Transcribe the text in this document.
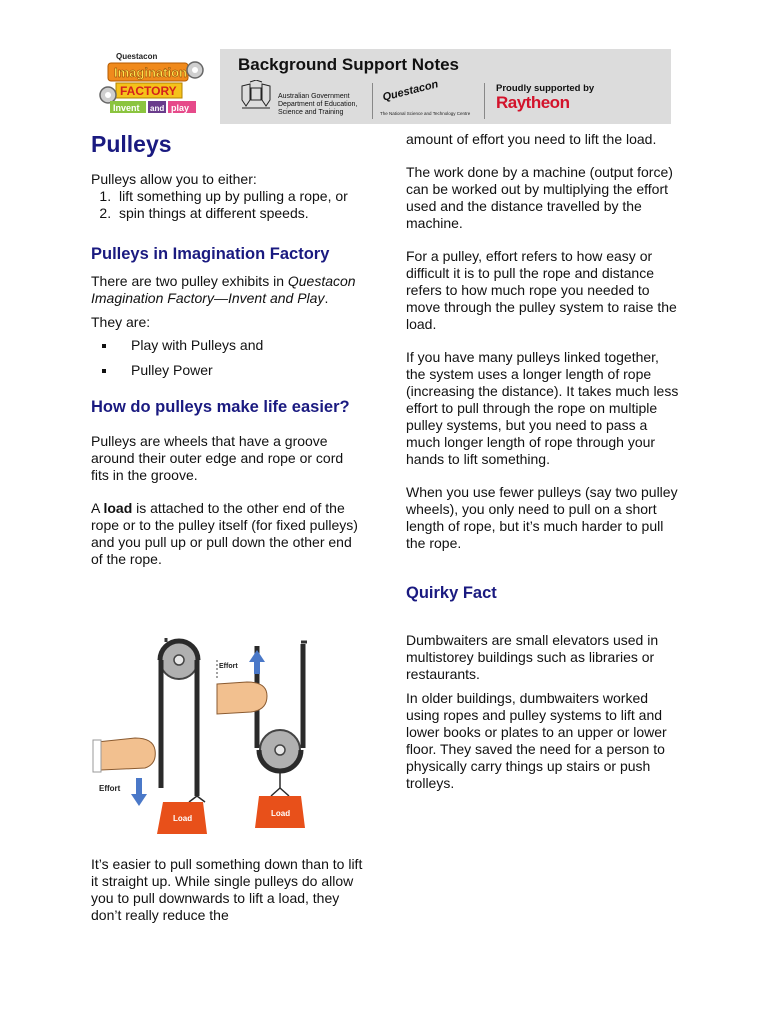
Questacon
Imagination
FACTORY
Invent and play
Background Support Notes
Australian Government
Department of Education,
Science and Training
Questacon
The National Science and Technology Centre
Proudly supported by
Raytheon
Pulleys

Pulleys allow you to either:

1. lift something up by pulling a rope, or
2. spin things at different speeds.
Pulleys in Imagination Factory

There are two pulley exhibits in Questacon Imagination Factory—Invent and Play.

They are:

▪ Play with Pulleys and
▪ Pulley Power
How do pulleys make life easier?

Pulleys are wheels that have a groove around their outer edge and rope or cord fits in the groove.

A load is attached to the other end of the rope or to the pulley itself (for fixed pulleys) and you pull up or pull down the other end of the rope.

Effort
Load
Effort
Load

It’s easier to pull something down than to lift it straight up. While single pulleys do allow you to pull downwards to lift a load, they don’t really reduce the

amount of effort you need to lift the load.

The work done by a machine (output force) can be worked out by multiplying the effort used and the distance travelled by the machine.

For a pulley, effort refers to how easy or difficult it is to pull the rope and distance refers to how much rope you needed to move through the pulley system to raise the load.

If you have many pulleys linked together, the system uses a longer length of rope (increasing the distance). It takes much less effort to pull through the rope on multiple pulley systems, but you need to pass a much longer length of rope through your hands to lift something.

When you use fewer pulleys (say two pulley wheels), you only need to pull on a short length of rope, but it’s much harder to pull the rope.

Quirky Fact

Dumbwaiters are small elevators used in multistorey buildings such as libraries or restaurants.

In older buildings, dumbwaiters worked using ropes and pulley systems to lift and lower books or plates to an upper or lower floor. They saved the need for a person to physically carry things up stairs or push trolleys.
